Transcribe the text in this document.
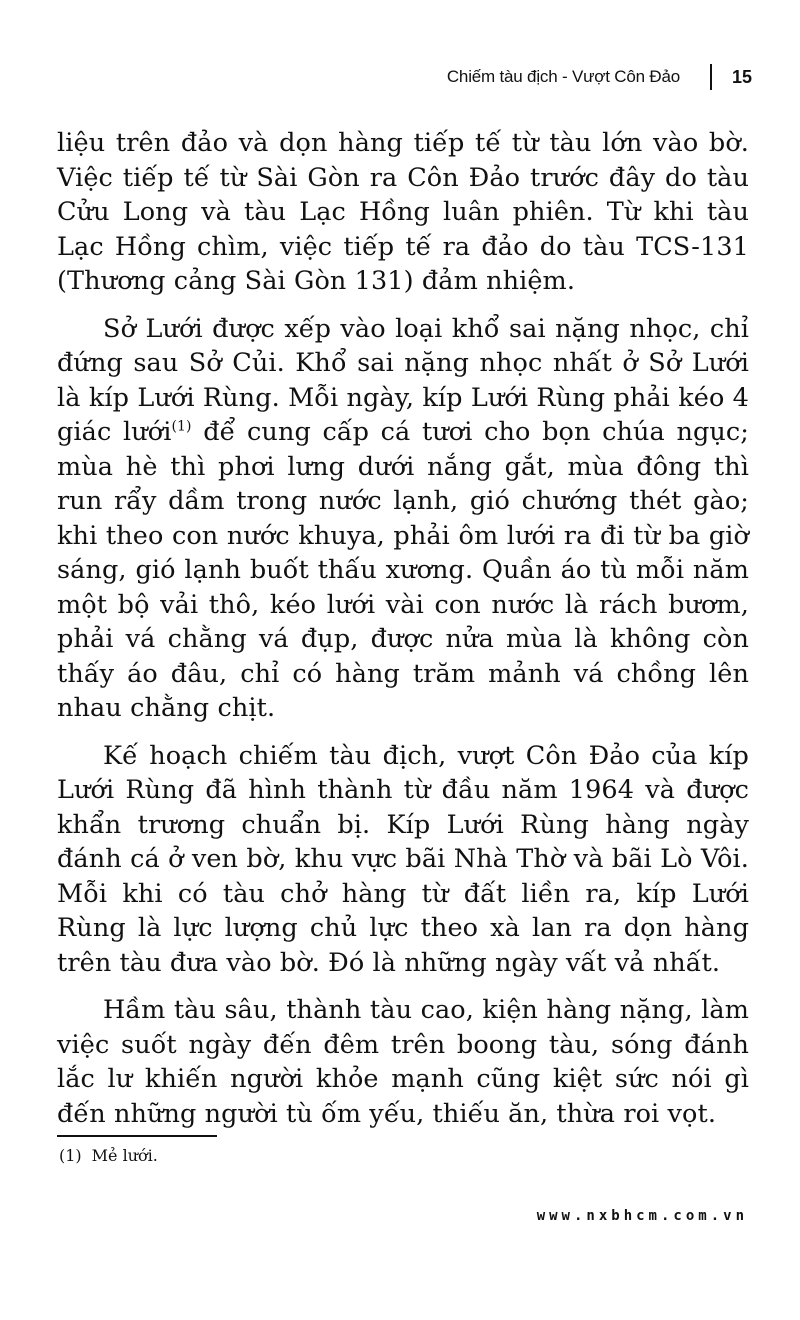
Chiếm tàu địch - Vượt Côn Đảo	15

liệu trên đảo và dọn hàng tiếp tế từ tàu lớn vào bờ. Việc tiếp tế từ Sài Gòn ra Côn Đảo trước đây do tàu Cửu Long và tàu Lạc Hồng luân phiên. Từ khi tàu Lạc Hồng chìm, việc tiếp tế ra đảo do tàu TCS-131 (Thương cảng Sài Gòn 131) đảm nhiệm.

Sở Lưới được xếp vào loại khổ sai nặng nhọc, chỉ đứng sau Sở Củi. Khổ sai nặng nhọc nhất ở Sở Lưới là kíp Lưới Rùng. Mỗi ngày, kíp Lưới Rùng phải kéo 4 giác lưới$^{(1)}$ để cung cấp cá tươi cho bọn chúa ngục; mùa hè thì phơi lưng dưới nắng gắt, mùa đông thì run rẩy dầm trong nước lạnh, gió chướng thét gào; khi theo con nước khuya, phải ôm lưới ra đi từ ba giờ sáng, gió lạnh buốt thấu xương. Quần áo tù mỗi năm một bộ vải thô, kéo lưới vài con nước là rách bươm, phải vá chằng vá đụp, được nửa mùa là không còn thấy áo đâu, chỉ có hàng trăm mảnh vá chồng lên nhau chằng chịt.

Kế hoạch chiếm tàu địch, vượt Côn Đảo của kíp Lưới Rùng đã hình thành từ đầu năm 1964 và được khẩn trương chuẩn bị. Kíp Lưới Rùng hàng ngày đánh cá ở ven bờ, khu vực bãi Nhà Thờ và bãi Lò Vôi. Mỗi khi có tàu chở hàng từ đất liền ra, kíp Lưới Rùng là lực lượng chủ lực theo xà lan ra dọn hàng trên tàu đưa vào bờ. Đó là những ngày vất vả nhất.

Hầm tàu sâu, thành tàu cao, kiện hàng nặng, làm việc suốt ngày đến đêm trên boong tàu, sóng đánh lắc lư khiến người khỏe mạnh cũng kiệt sức nói gì đến những người tù ốm yếu, thiếu ăn, thừa roi vọt.

(1) Mẻ lưới.
www.nxbhcm.com.vn
